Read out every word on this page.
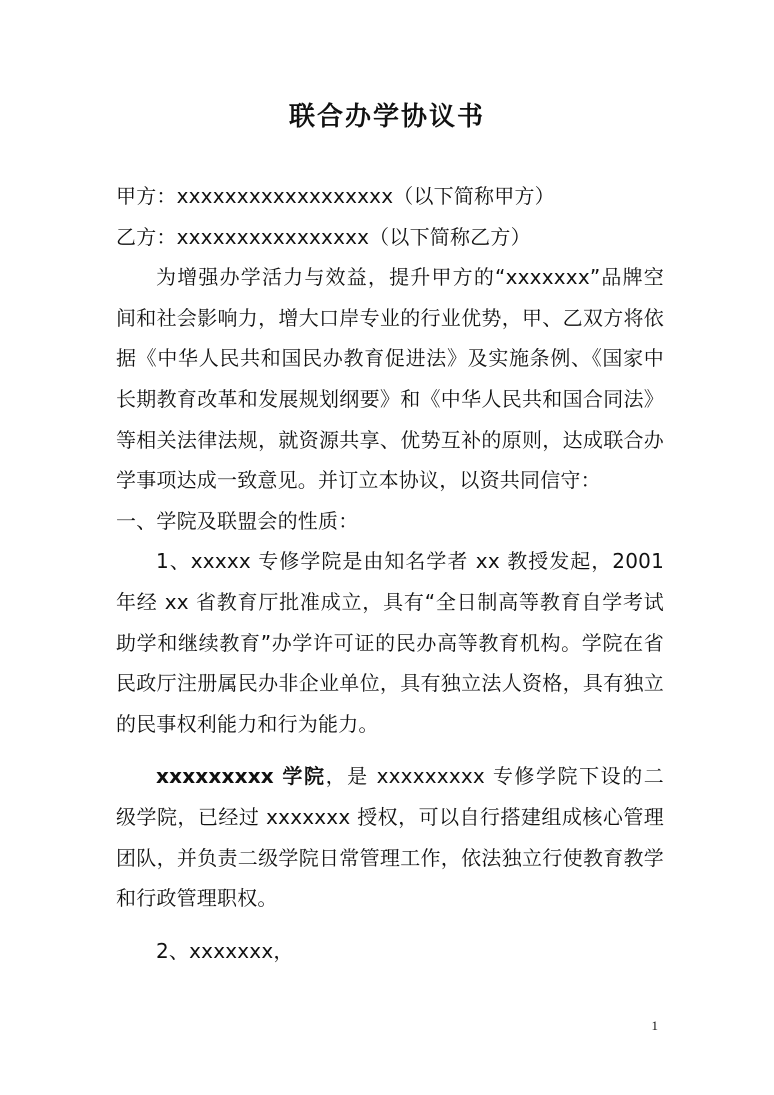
联合办学协议书

甲方：xxxxxxxxxxxxxxxxxx（以下简称甲方）

乙方：xxxxxxxxxxxxxxxx（以下简称乙方）

为增强办学活力与效益，提升甲方的“xxxxxxx”品牌空间和社会影响力，增大口岸专业的行业优势，甲、乙双方将依据《中华人民共和国民办教育促进法》及实施条例、《国家中长期教育改革和发展规划纲要》和《中华人民共和国合同法》等相关法律法规，就资源共享、优势互补的原则，达成联合办学事项达成一致意见。并订立本协议，以资共同信守：

一、学院及联盟会的性质：

1、xxxxx 专修学院是由知名学者 xx 教授发起，2001 年经 xx 省教育厅批准成立，具有“全日制高等教育自学考试助学和继续教育”办学许可证的民办高等教育机构。学院在省民政厅注册属民办非企业单位，具有独立法人资格，具有独立的民事权利能力和行为能力。

xxxxxxxxx 学院，是 xxxxxxxxx 专修学院下设的二级学院，已经过 xxxxxxx 授权，可以自行搭建组成核心管理团队，并负责二级学院日常管理工作，依法独立行使教育教学和行政管理职权。

2、xxxxxxx，

1
